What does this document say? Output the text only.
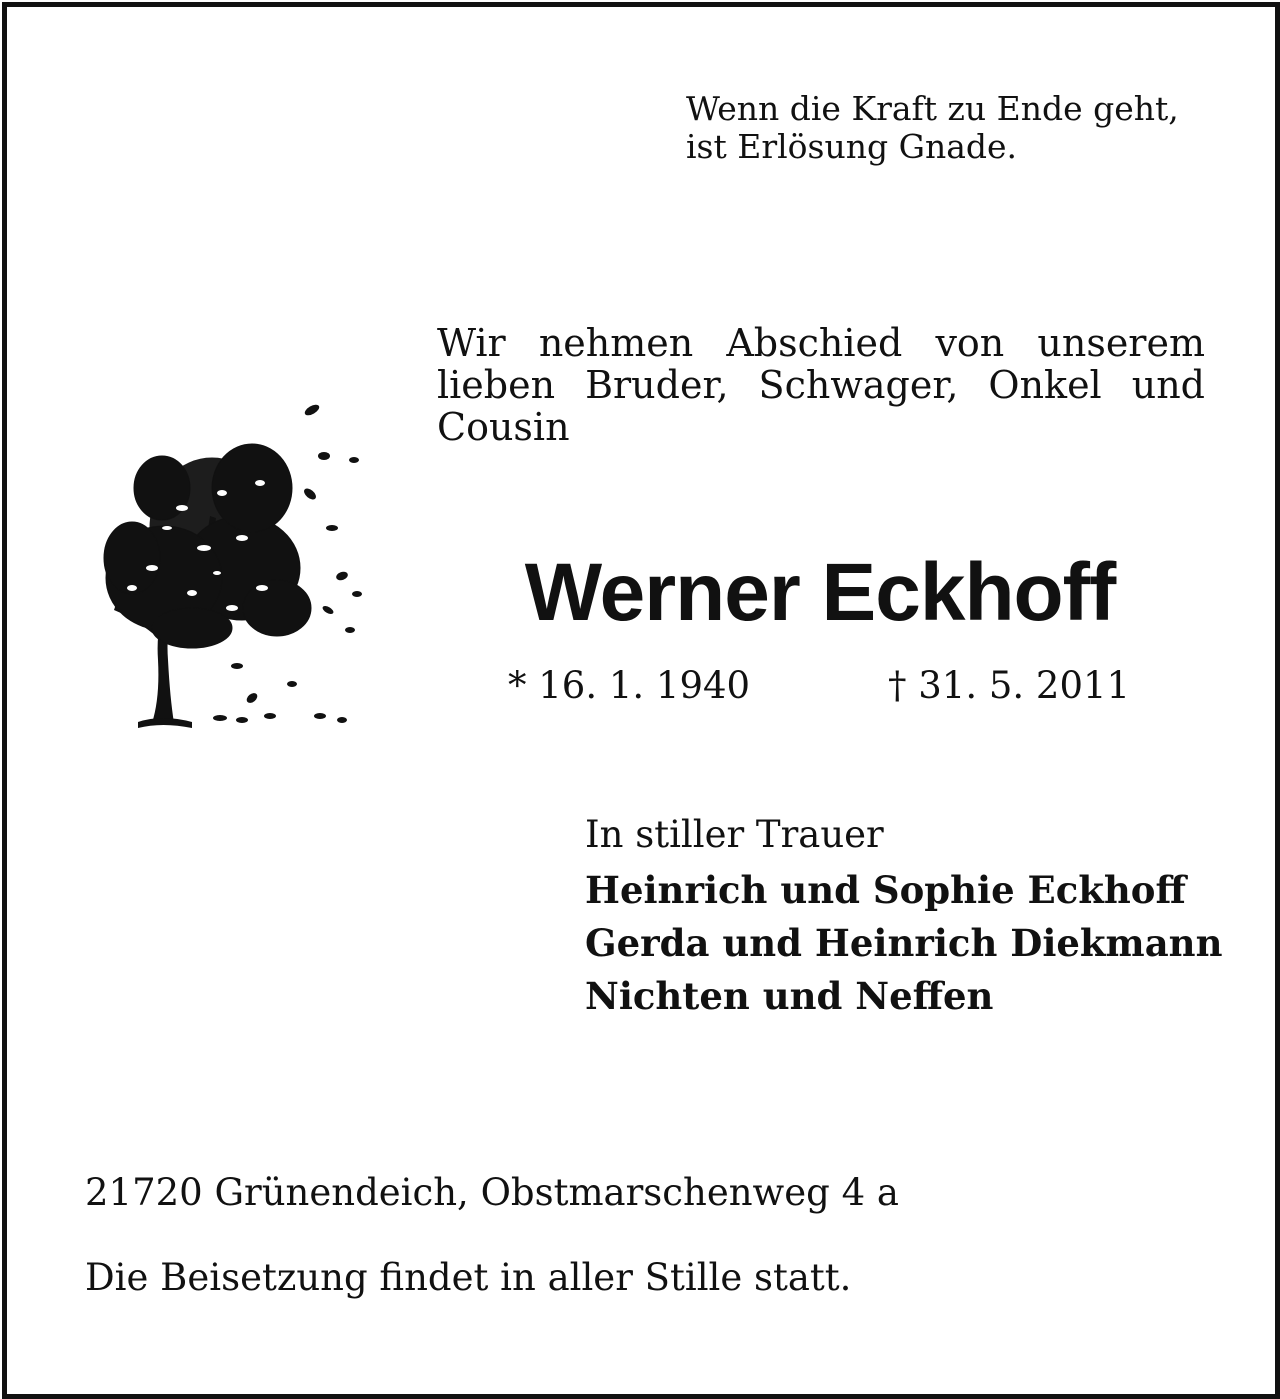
Wenn die Kraft zu Ende geht,
ist Erlösung Gnade.
Wir nehmen Abschied von unserem
lieben Bruder, Schwager, Onkel und
Cousin
Werner Eckhoff
* 16. 1. 1940	† 31. 5. 2011
In stiller Trauer
Heinrich und Sophie Eckhoff
Gerda und Heinrich Diekmann
Nichten und Neffen
21720 Grünendeich, Obstmarschenweg 4 a
Die Beisetzung findet in aller Stille statt.
